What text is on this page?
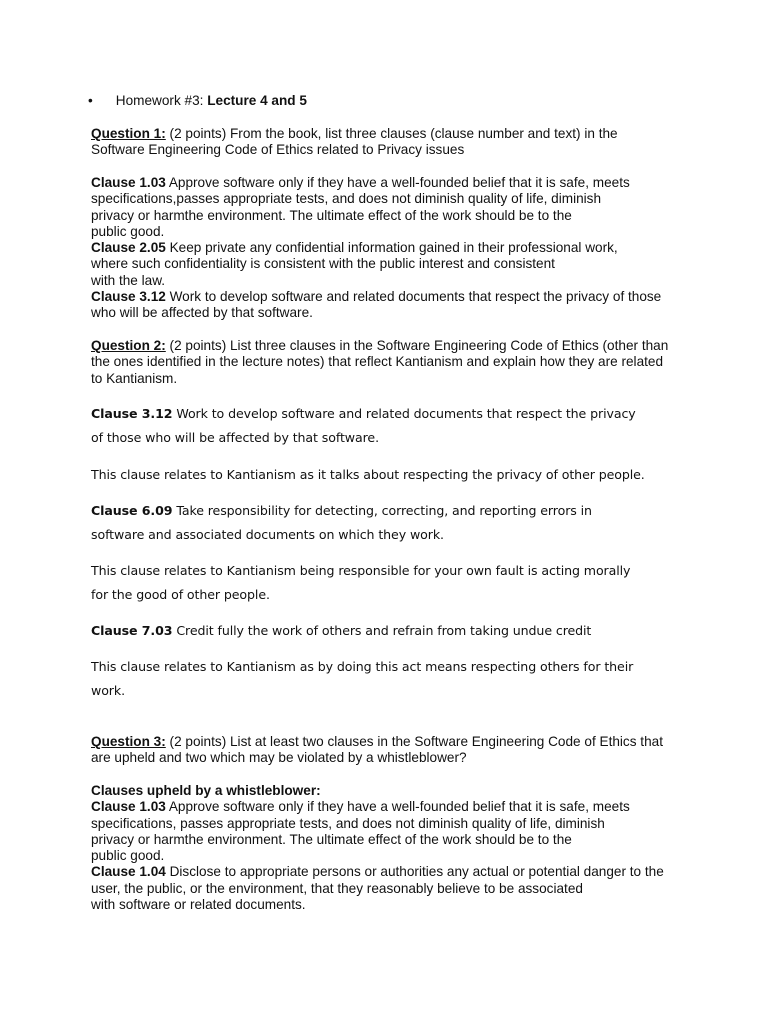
• Homework #3: Lecture 4 and 5
Question 1: (2 points) From the book, list three clauses (clause number and text) in the
Software Engineering Code of Ethics related to Privacy issues
Clause 1.03 Approve software only if they have a well-founded belief that it is safe, meets
specifications,passes appropriate tests, and does not diminish quality of life, diminish
privacy or harmthe environment. The ultimate effect of the work should be to the
public good.
Clause 2.05 Keep private any confidential information gained in their professional work,
where such confidentiality is consistent with the public interest and consistent
with the law.
Clause 3.12 Work to develop software and related documents that respect the privacy of those
who will be affected by that software.
Question 2: (2 points) List three clauses in the Software Engineering Code of Ethics (other than
the ones identified in the lecture notes) that reflect Kantianism and explain how they are related
to Kantianism.
Clause 3.12 Work to develop software and related documents that respect the privacy
of those who will be affected by that software.
This clause relates to Kantianism as it talks about respecting the privacy of other people.
Clause 6.09 Take responsibility for detecting, correcting, and reporting errors in
software and associated documents on which they work.
This clause relates to Kantianism being responsible for your own fault is acting morally
for the good of other people.
Clause 7.03 Credit fully the work of others and refrain from taking undue credit
This clause relates to Kantianism as by doing this act means respecting others for their
work.
Question 3: (2 points) List at least two clauses in the Software Engineering Code of Ethics that
are upheld and two which may be violated by a whistleblower?
Clauses upheld by a whistleblower:
Clause 1.03 Approve software only if they have a well-founded belief that it is safe, meets
specifications, passes appropriate tests, and does not diminish quality of life, diminish
privacy or harmthe environment. The ultimate effect of the work should be to the
public good.
Clause 1.04 Disclose to appropriate persons or authorities any actual or potential danger to the
user, the public, or the environment, that they reasonably believe to be associated
with software or related documents.
